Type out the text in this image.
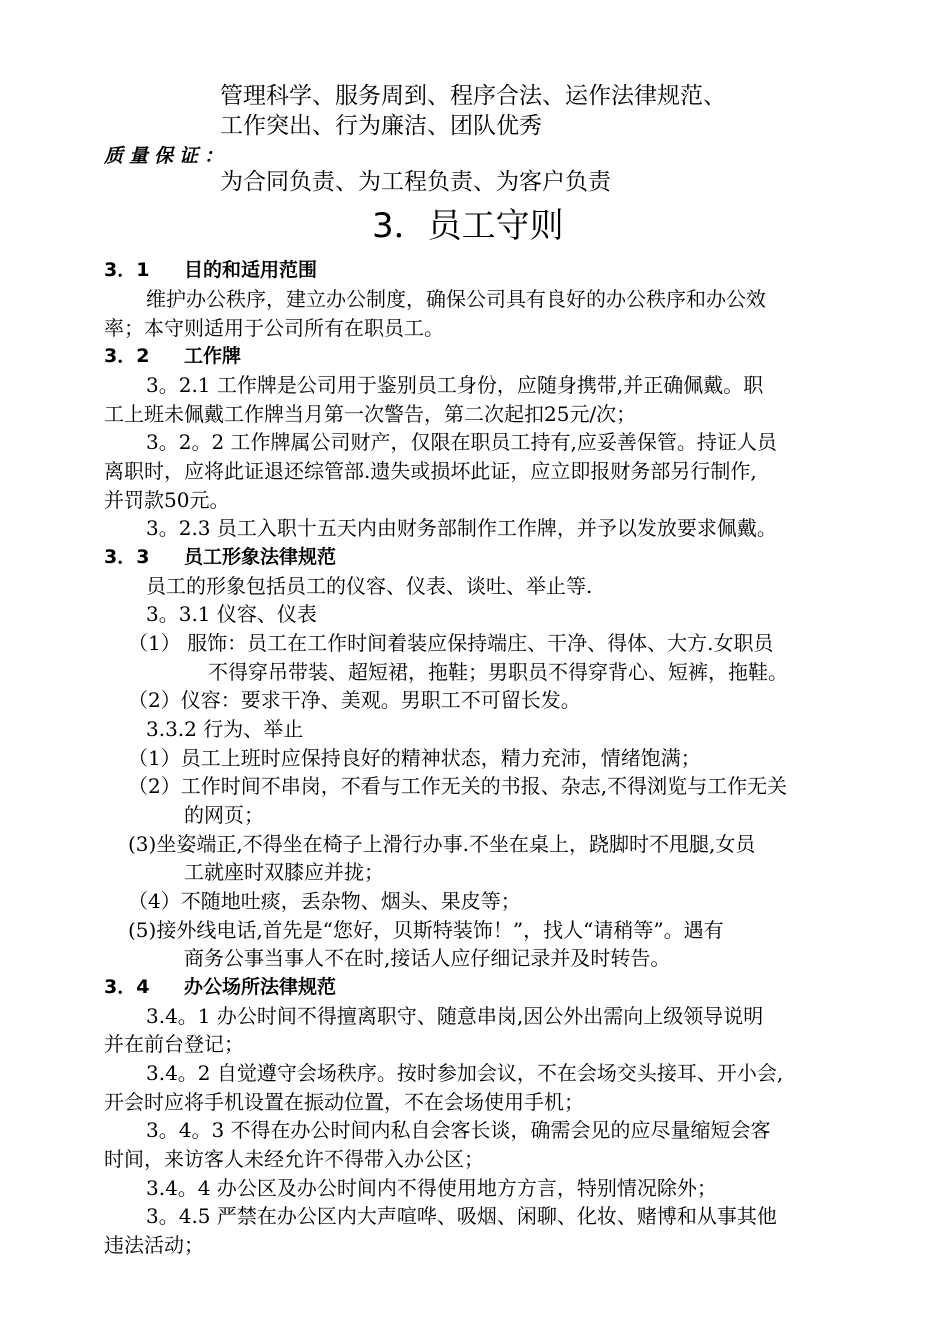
管理科学、服务周到、程序合法、运作法律规范、
工作突出、行为廉洁、团队优秀
质量保证：
为合同负责、为工程负责、为客户负责
3．员工守则
3．1 目的和适用范围
维护办公秩序，建立办公制度，确保公司具有良好的办公秩序和办公效
率；本守则适用于公司所有在职员工。
3．2 工作牌
3。2.1 工作牌是公司用于鉴别员工身份，应随身携带,并正确佩戴。职
工上班未佩戴工作牌当月第一次警告，第二次起扣25元/次；
3。2。2 工作牌属公司财产，仅限在职员工持有,应妥善保管。持证人员
离职时，应将此证退还综管部.遗失或损坏此证，应立即报财务部另行制作,
并罚款50元。
3。2.3 员工入职十五天内由财务部制作工作牌，并予以发放要求佩戴。
3．3 员工形象法律规范
员工的形象包括员工的仪容、仪表、谈吐、举止等.
3。3.1 仪容、仪表
（1） 服饰：员工在工作时间着装应保持端庄、干净、得体、大方.女职员
不得穿吊带装、超短裙，拖鞋；男职员不得穿背心、短裤，拖鞋。
（2）仪容：要求干净、美观。男职工不可留长发。
3.3.2 行为、举止
（1）员工上班时应保持良好的精神状态，精力充沛，情绪饱满；
（2）工作时间不串岗，不看与工作无关的书报、杂志,不得浏览与工作无关
的网页；
(3)坐姿端正,不得坐在椅子上滑行办事.不坐在桌上，跷脚时不甩腿,女员
工就座时双膝应并拢；
（4）不随地吐痰，丢杂物、烟头、果皮等；
(5)接外线电话,首先是“您好，贝斯特装饰！”，找人“请稍等”。遇有
商务公事当事人不在时,接话人应仔细记录并及时转告。
3．4 办公场所法律规范
3.4。1 办公时间不得擅离职守、随意串岗,因公外出需向上级领导说明
并在前台登记；
3.4。2 自觉遵守会场秩序。按时参加会议，不在会场交头接耳、开小会,
开会时应将手机设置在振动位置，不在会场使用手机；
3。4。3 不得在办公时间内私自会客长谈，确需会见的应尽量缩短会客
时间，来访客人未经允许不得带入办公区；
3.4。4 办公区及办公时间内不得使用地方方言，特别情况除外；
3。4.5 严禁在办公区内大声喧哗、吸烟、闲聊、化妆、赌博和从事其他
违法活动；
